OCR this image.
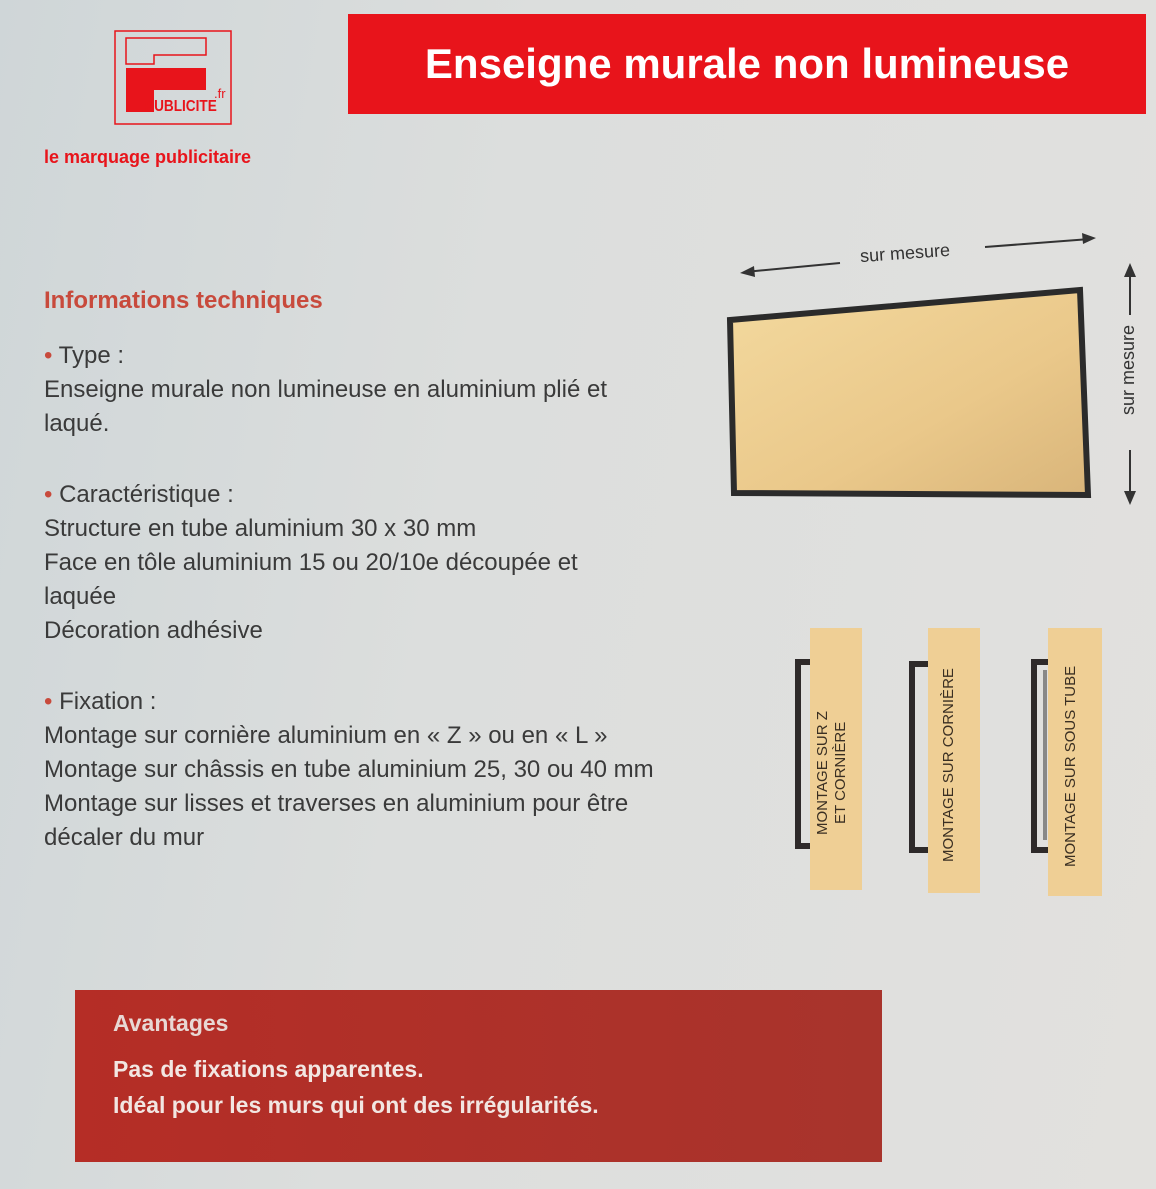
Enseigne murale non lumineuse
.fr
PUBLICITE
le marquage publicitaire
Informations techniques
• Type :
Enseigne murale non lumineuse en aluminium plié et
laqué.
• Caractéristique :
Structure en tube aluminium 30 x 30 mm
Face en tôle aluminium 15 ou 20/10e découpée et
laquée
Décoration adhésive
• Fixation :
Montage sur cornière aluminium en « Z » ou en « L »
Montage sur châssis en tube aluminium 25, 30 ou 40 mm
Montage sur lisses et traverses en aluminium pour être
décaler du mur
sur mesure
sur mesure
MONTAGE SUR Z ET CORNIÈRE	MONTAGE SUR CORNIÈRE	MONTAGE SUR SOUS TUBE
Avantages
Pas de fixations apparentes.
Idéal pour les murs qui ont des irrégularités.
